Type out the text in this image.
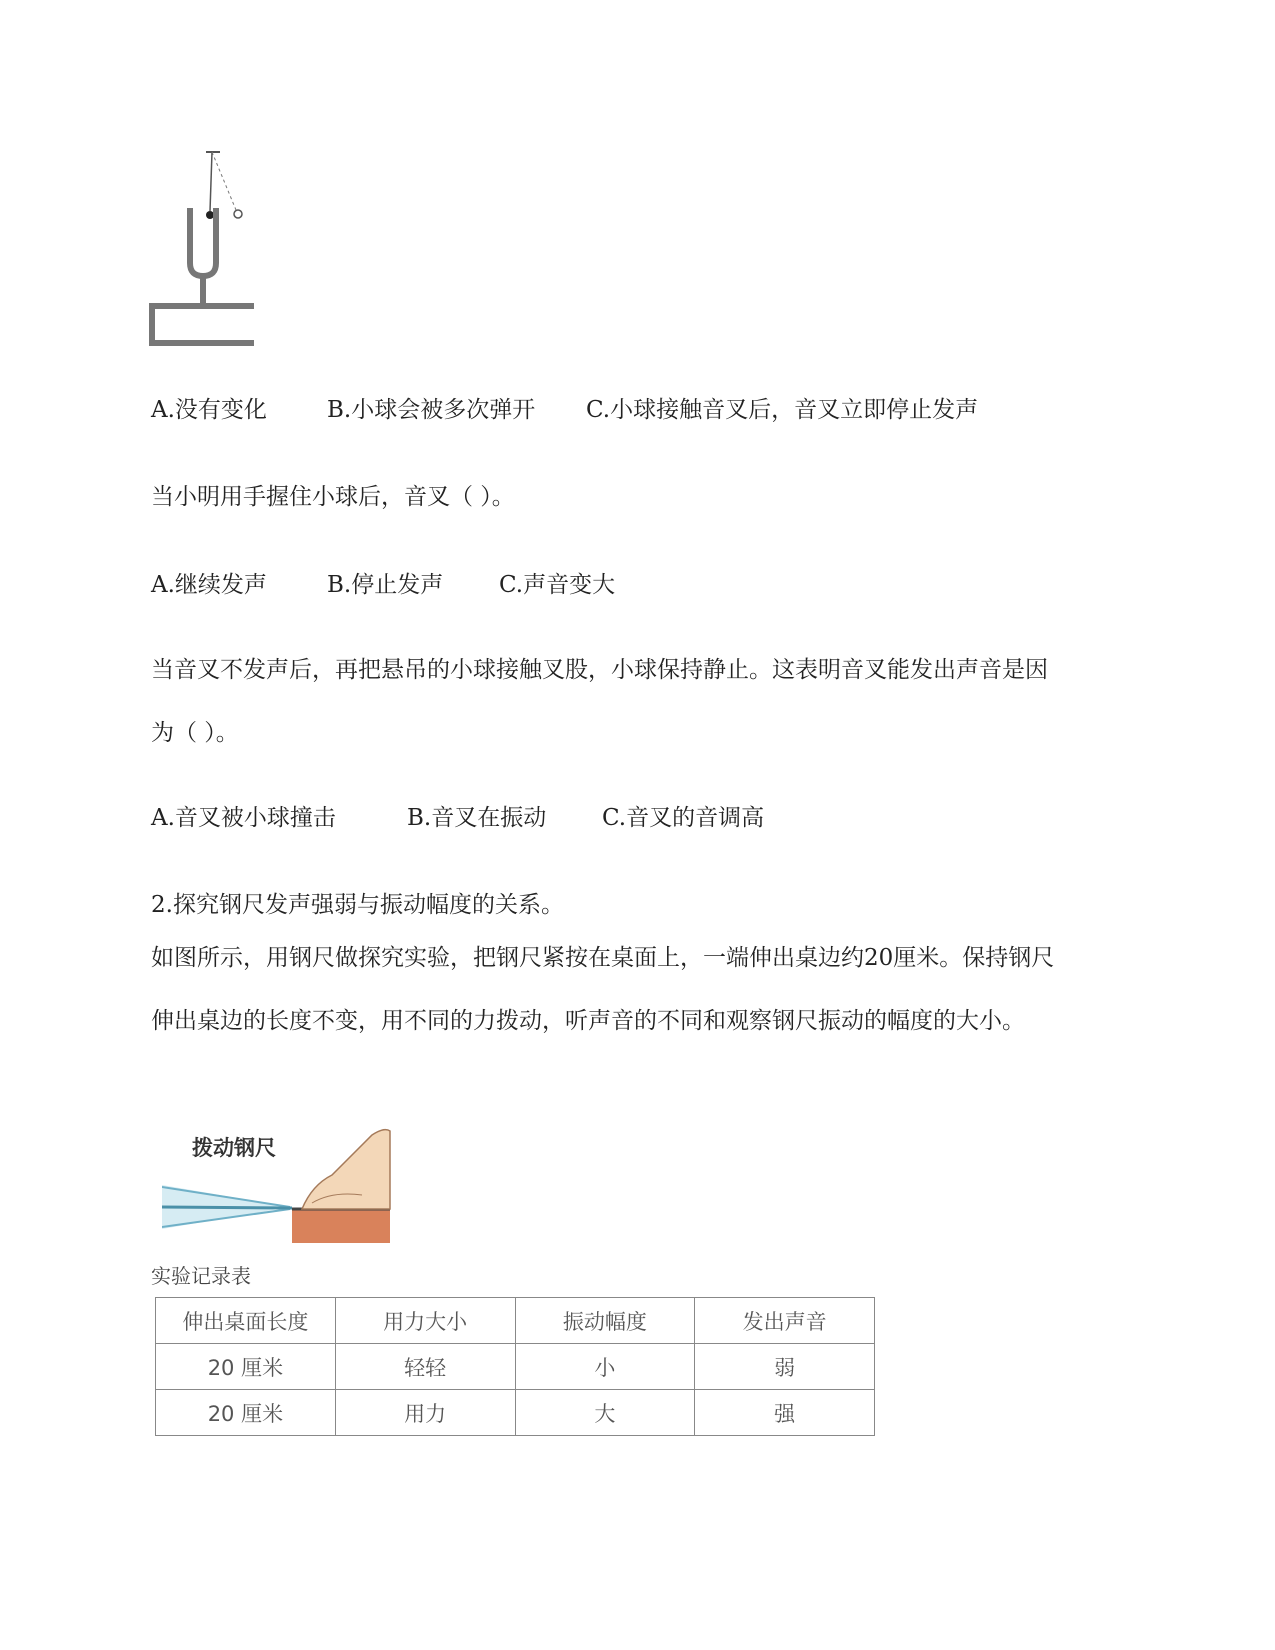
A.没有变化	B.小球会被多次弹开 C.小球接触音叉后，音叉立即停止发声
当小明用手握住小球后，音叉（ ）。
A.继续发声	B.停止发声 C.声音变大
当音叉不发声后，再把悬吊的小球接触叉股，小球保持静止。这表明音叉能发出声音是因
为（ ）。
A.音叉被小球撞击	B.音叉在振动 C.音叉的音调高
2.探究钢尺发声强弱与振动幅度的关系。
如图所示，用钢尺做探究实验，把钢尺紧按在桌面上，一端伸出桌边约20厘米。保持钢尺
伸出桌边的长度不变，用不同的力拨动，听声音的不同和观察钢尺振动的幅度的大小。
拨动钢尺
实验记录表
伸出桌面长度	用力大小	振动幅度	发出声音
20 厘米	轻轻	小	弱
20 厘米	用力	大	强
